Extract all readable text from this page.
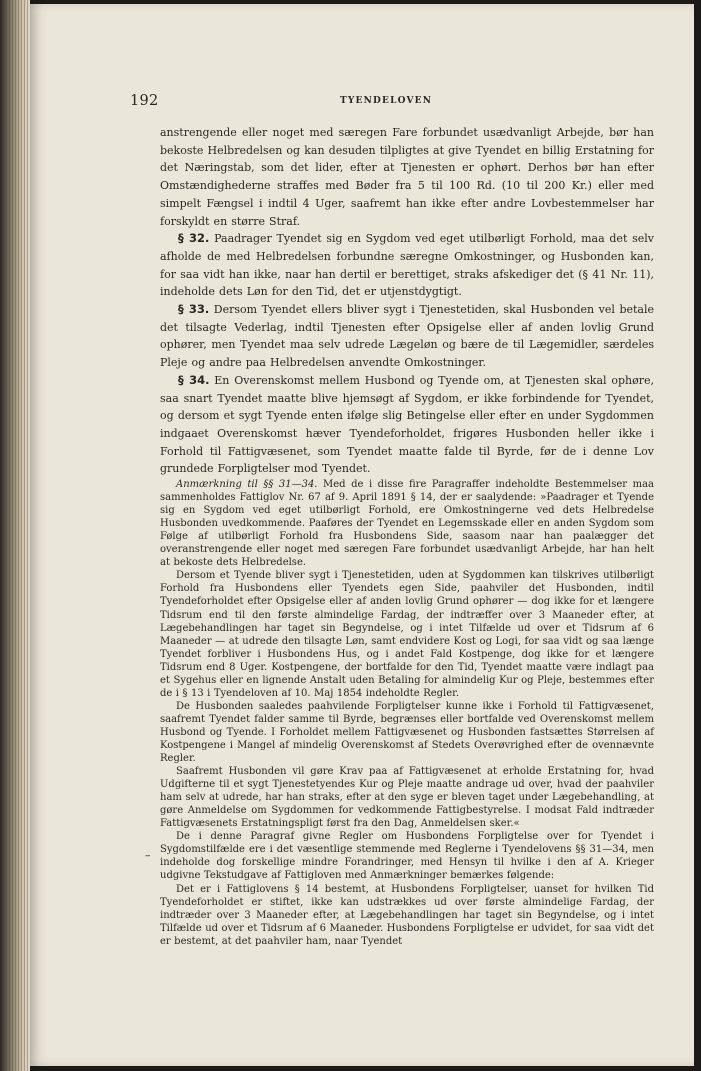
192	TYENDELOVEN
–

anstrengende eller noget med særegen Fare forbundet usædvanligt Arbejde, bør han bekoste Helbredelsen og kan desuden tilpligtes at give Tyendet en billig Erstatning for det Næringstab, som det lider, efter at Tjenesten er ophørt. Derhos bør han efter Omstændighederne straffes med Bøder fra 5 til 100 Rd. (10 til 200 Kr.) eller med simpelt Fængsel i indtil 4 Uger, saafremt han ikke efter andre Lovbestemmelser har forskyldt en større Straf.

§ 32. Paadrager Tyendet sig en Sygdom ved eget utilbørligt Forhold, maa det selv afholde de med Helbredelsen forbundne særegne Omkostninger, og Husbonden kan, for saa vidt han ikke, naar han dertil er berettiget, straks afskediger det (§ 41 Nr. 11), indeholde dets Løn for den Tid, det er utjenstdygtigt.

§ 33. Dersom Tyendet ellers bliver sygt i Tjenestetiden, skal Husbonden vel betale det tilsagte Vederlag, indtil Tjenesten efter Opsigelse eller af anden lovlig Grund ophører, men Tyendet maa selv udrede Lægeløn og bære de til Lægemidler, særdeles Pleje og andre paa Helbredelsen anvendte Omkostninger.

§ 34. En Overenskomst mellem Husbond og Tyende om, at Tjenesten skal ophøre, saa snart Tyendet maatte blive hjemsøgt af Sygdom, er ikke forbindende for Tyendet, og dersom et sygt Tyende enten ifølge slig Betingelse eller efter en under Sygdommen indgaaet Overenskomst hæver Tyendeforholdet, frigøres Husbonden heller ikke i Forhold til Fattigvæsenet, som Tyendet maatte falde til Byrde, før de i denne Lov grundede Forpligtelser mod Tyendet.

Anmærkning til §§ 31—34. Med de i disse fire Paragraffer indeholdte Bestemmelser maa sammenholdes Fattiglov Nr. 67 af 9. April 1891 § 14, der er saalydende: »Paadrager et Tyende sig en Sygdom ved eget utilbørligt Forhold, ere Omkostningerne ved dets Helbredelse Husbonden uvedkommende. Paaføres der Tyendet en Legemsskade eller en anden Sygdom som Følge af utilbørligt Forhold fra Husbondens Side, saasom naar han paalægger det overanstrengende eller noget med særegen Fare forbundet usædvanligt Arbejde, har han helt at bekoste dets Helbredelse.

Dersom et Tyende bliver sygt i Tjenestetiden, uden at Sygdommen kan tilskrives utilbørligt Forhold fra Husbondens eller Tyendets egen Side, paahviler det Husbonden, indtil Tyendeforholdet efter Opsigelse eller af anden lovlig Grund ophører — dog ikke for et længere Tidsrum end til den første almindelige Fardag, der indtræffer over 3 Maaneder efter, at Lægebehandlingen har taget sin Begyndelse, og i intet Tilfælde ud over et Tidsrum af 6 Maaneder — at udrede den tilsagte Løn, samt endvidere Kost og Logi, for saa vidt og saa længe Tyendet forbliver i Husbondens Hus, og i andet Fald Kostpenge, dog ikke for et længere Tidsrum end 8 Uger. Kostpengene, der bortfalde for den Tid, Tyendet maatte være indlagt paa et Sygehus eller en lignende Anstalt uden Betaling for almindelig Kur og Pleje, bestemmes efter de i § 13 i Tyendeloven af 10. Maj 1854 indeholdte Regler.

De Husbonden saaledes paahvilende Forpligtelser kunne ikke i Forhold til Fattigvæsenet, saafremt Tyendet falder samme til Byrde, begrænses eller bortfalde ved Overenskomst mellem Husbond og Tyende. I Forholdet mellem Fattigvæsenet og Husbonden fastsættes Størrelsen af Kostpengene i Mangel af mindelig Overenskomst af Stedets Overøvrighed efter de ovennævnte Regler.

Saafremt Husbonden vil gøre Krav paa af Fattigvæsenet at erholde Erstatning for, hvad Udgifterne til et sygt Tjenestetyendes Kur og Pleje maatte andrage ud over, hvad der paahviler ham selv at udrede, har han straks, efter at den syge er bleven taget under Lægebehandling, at gøre Anmeldelse om Sygdommen for vedkommende Fattigbestyrelse. I modsat Fald indtræder Fattigvæsenets Erstatningspligt først fra den Dag, Anmeldelsen sker.«

De i denne Paragraf givne Regler om Husbondens Forpligtelse over for Tyendet i Sygdomstilfælde ere i det væsentlige stemmende med Reglerne i Tyendelovens §§ 31—34, men indeholde dog forskellige mindre Forandringer, med Hensyn til hvilke i den af A. Krieger udgivne Tekstudgave af Fattigloven med Anmærkninger bemærkes følgende:

Det er i Fattiglovens § 14 bestemt, at Husbondens Forpligtelser, uanset for hvilken Tid Tyendeforholdet er stiftet, ikke kan udstrækkes ud over første almindelige Fardag, der indtræder over 3 Maaneder efter, at Lægebehandlingen har taget sin Begyndelse, og i intet Tilfælde ud over et Tidsrum af 6 Maaneder. Husbondens Forpligtelse er udvidet, for saa vidt det er bestemt, at det paahviler ham, naar Tyendet
